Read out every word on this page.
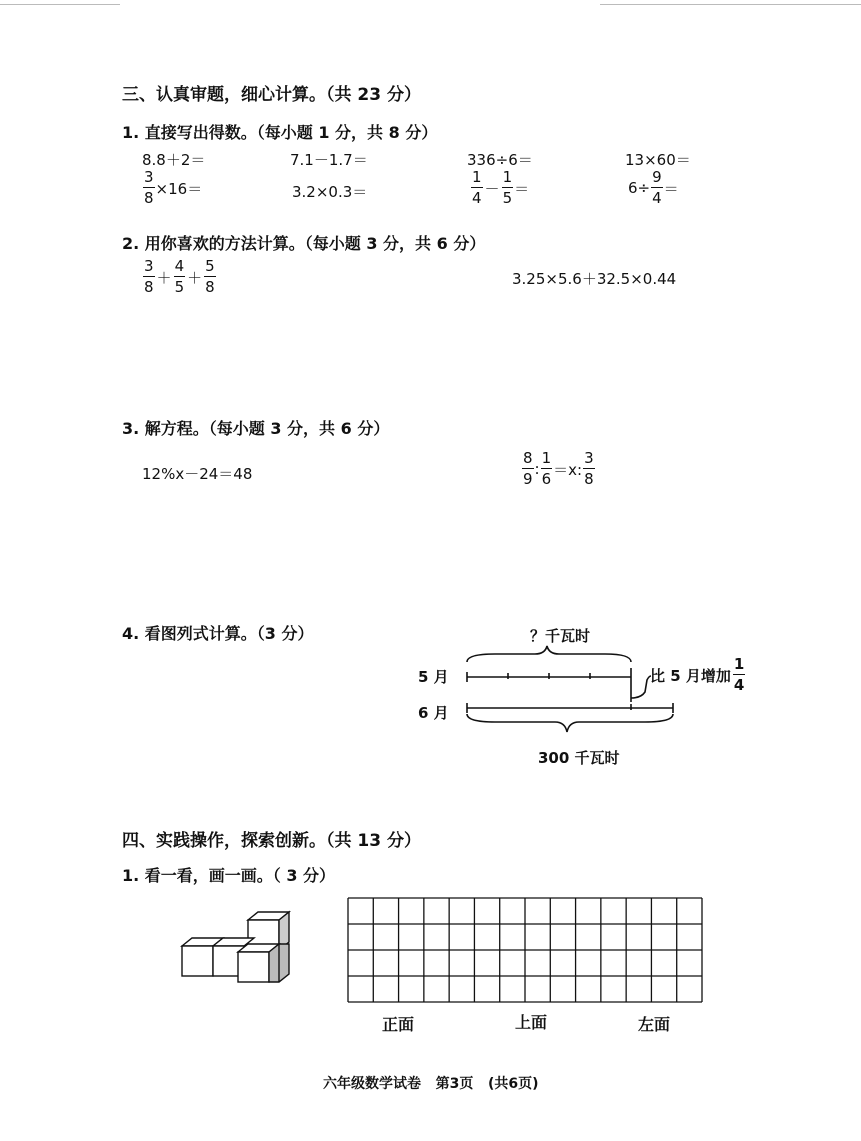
三、认真审题，细心计算。（共 23 分）
1. 直接写出得数。（每小题 1 分，共 8 分）
8.8＋2＝	7.1－1.7＝	336÷6＝	13×60＝
$\frac{3}{8} \times 16=$	3.2×0.3＝	$\frac{1}{4} - \frac{1}{5}$ ＝	$6\div \frac{9}{4}$ ＝
2. 用你喜欢的方法计算。（每小题 3 分，共 6 分）
$\frac{3}{8} + \frac{4}{5} + \frac{5}{8}$	3.25×5.6＋32.5×0.44
3. 解方程。（每小题 3 分，共 6 分）
12%x－24＝48	$\frac{8}{9}$ : $\frac{1}{6} =x$: $\frac{3}{8}$
4. 看图列式计算。（3 分）	？千瓦时
5 月
6 月
比 5 月增加 $\frac{1}{4}$
300 千瓦时
四、实践操作，探索创新。（共 13 分）
1. 看一看，画一画。（ 3 分）
正面	上面	左面
六年级数学试卷   第3页   (共6页)
